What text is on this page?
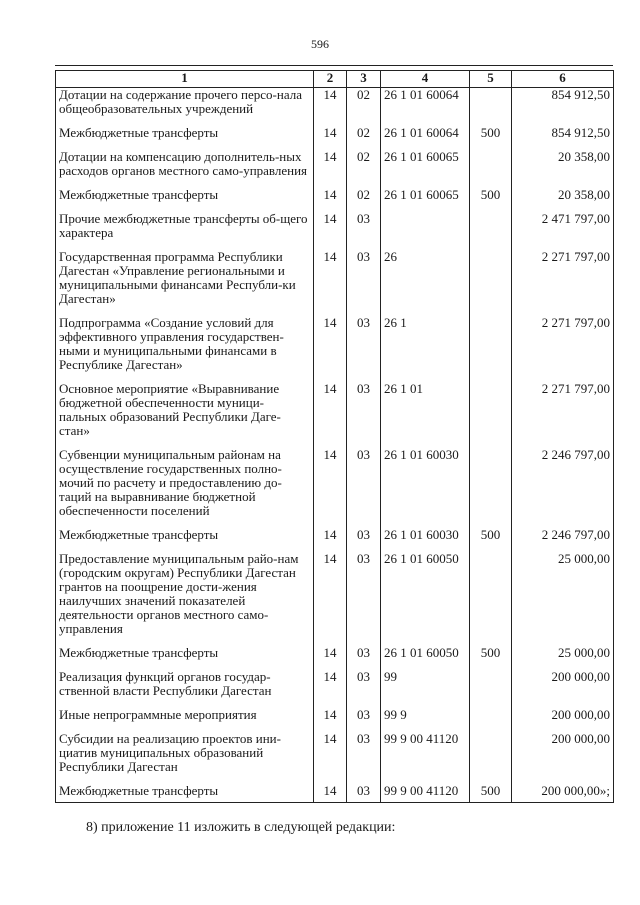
596
1	2	3	4	5	6
Дотации на содержание прочего персо-нала общеобразовательных учреждений	14	02	26 1 01 60064		854 912,50
Межбюджетные трансферты	14	02	26 1 01 60064	500	854 912,50
Дотации на компенсацию дополнитель-ных расходов органов местного само-управления	14	02	26 1 01 60065		20 358,00
Межбюджетные трансферты	14	02	26 1 01 60065	500	20 358,00
Прочие межбюджетные трансферты об-щего характера	14	03			2 471 797,00
Государственная программа Республики Дагестан «Управление региональными и муниципальными финансами Республи-ки Дагестан»	14	03	26		2 271 797,00
Подпрограмма «Создание условий для эффективного управления государствен-ными и муниципальными финансами в Республике Дагестан»	14	03	26 1		2 271 797,00
Основное мероприятие «Выравнивание бюджетной обеспеченности муници-пальных образований Республики Даге-стан»	14	03	26 1 01		2 271 797,00
Субвенции муниципальным районам на осуществление государственных полно-мочий по расчету и предоставлению до-таций на выравнивание бюджетной обеспеченности поселений	14	03	26 1 01 60030		2 246 797,00
Межбюджетные трансферты	14	03	26 1 01 60030	500	2 246 797,00
Предоставление муниципальным райо-нам (городским округам) Республики Дагестан грантов на поощрение дости-жения наилучших значений показателей деятельности органов местного само-управления	14	03	26 1 01 60050		25 000,00
Межбюджетные трансферты	14	03	26 1 01 60050	500	25 000,00
Реализация функций органов государ-ственной власти Республики Дагестан	14	03	99		200 000,00
Иные непрограммные мероприятия	14	03	99 9		200 000,00
Субсидии на реализацию проектов ини-циатив муниципальных образований Республики Дагестан	14	03	99 9 00 41120		200 000,00
Межбюджетные трансферты	14	03	99 9 00 41120	500	200 000,00»;
8) приложение 11 изложить в следующей редакции:
